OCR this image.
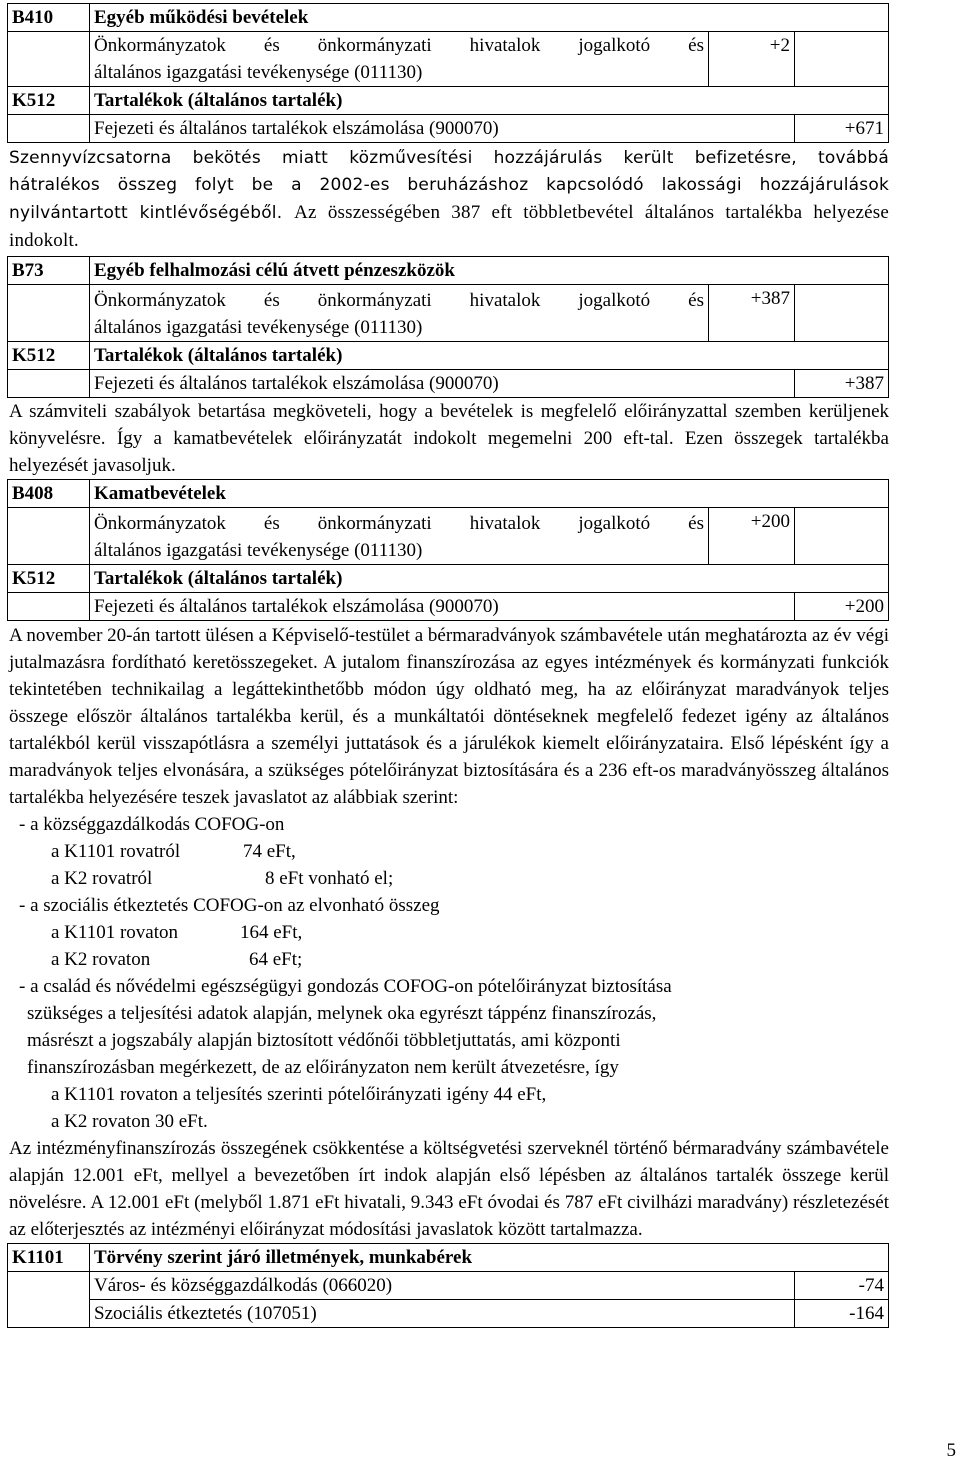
B410	Egyéb működési bevételek		

	Önkormányzatok és önkormányzati hivatalok jogalkotó és
általános igazgatási tevékenysége (011130)	+2	
K512	Tartalékok (általános tartalék)		
	Fejezeti és általános tartalékok elszámolása (900070)		+671
Szennyvízcsatorna bekötés miatt közművesítési hozzájárulás került befizetésre, továbbá
hátralékos összeg folyt be a 2002-es beruházáshoz kapcsolódó lakossági hozzájárulások
nyilvántartott kintlévőségéből. Az összességében 387 eft többletbevétel általános tartalékba helyezése indokolt.
B73	Egyéb felhalmozási célú átvett pénzeszközök		

	Önkormányzatok és önkormányzati hivatalok jogalkotó és
általános igazgatási tevékenysége (011130)	+387	
K512	Tartalékok (általános tartalék)		
	Fejezeti és általános tartalékok elszámolása (900070)		+387

A számviteli szabályok betartása megköveteli, hogy a bevételek is megfelelő előirányzattal szemben kerüljenek könyvelésre. Így a kamatbevételek előirányzatát indokolt megemelni 200 eft-tal. Ezen összegek tartalékba helyezését javasoljuk.

B408	Kamatbevételek		

	Önkormányzatok és önkormányzati hivatalok jogalkotó és
általános igazgatási tevékenysége (011130)	+200	
K512	Tartalékok (általános tartalék)		
	Fejezeti és általános tartalékok elszámolása (900070)		+200

A november 20-án tartott ülésen a Képviselő-testület a bérmaradványok számbavétele után meghatározta az év végi jutalmazásra fordítható keretösszegeket. A jutalom finanszírozása az egyes intézmények és kormányzati funkciók tekintetében technikailag a legáttekinthetőbb módon úgy oldható meg, ha az előirányzat maradványok teljes összege először általános tartalékba kerül, és a munkáltatói döntéseknek megfelelő fedezet igény az általános tartalékból kerül visszapótlásra a személyi juttatások és a járulékok kiemelt előirányzataira. Első lépésként így a maradványok teljes elvonására, a szükséges pótelőirányzat biztosítására és a 236 eft-os maradványösszeg általános tartalékba helyezésére teszek javaslatot az alábbiak szerint:

- a községgazdálkodás COFOG-on
a K1101 rovatról	74 eFt,
a K2 rovatról	8 eFt vonható el;
- a szociális étkeztetés COFOG-on az elvonható összeg
a K1101 rovaton	164 eFt,
a K2 rovaton	64 eFt;
- a család és nővédelmi egészségügyi gondozás COFOG-on pótelőirányzat biztosítása
szükséges a teljesítési adatok alapján, melynek oka egyrészt táppénz finanszírozás,
másrészt a jogszabály alapján biztosított védőnői többletjuttatás, ami központi
finanszírozásban megérkezett, de az előirányzaton nem került átvezetésre, így
a K1101 rovaton a teljesítés szerinti pótelőirányzati igény 44 eFt,
a K2 rovaton 30 eFt.

Az intézményfinanszírozás összegének csökkentése a költségvetési szerveknél történő bérmaradvány számbavétele alapján 12.001 eFt, mellyel a bevezetőben írt indok alapján első lépésben az általános tartalék összege kerül növelésre. A 12.001 eFt (melyből 1.871 eFt hivatali, 9.343 eFt óvodai és 787 eFt civilházi maradvány) részletezését az előterjesztés az intézményi előirányzat módosítási javaslatok között tartalmazza.

K1101	Törvény szerint járó illetmények, munkabérek	
	Város- és községgazdálkodás (066020)	-74
	Szociális étkeztetés (107051)	-164
5
